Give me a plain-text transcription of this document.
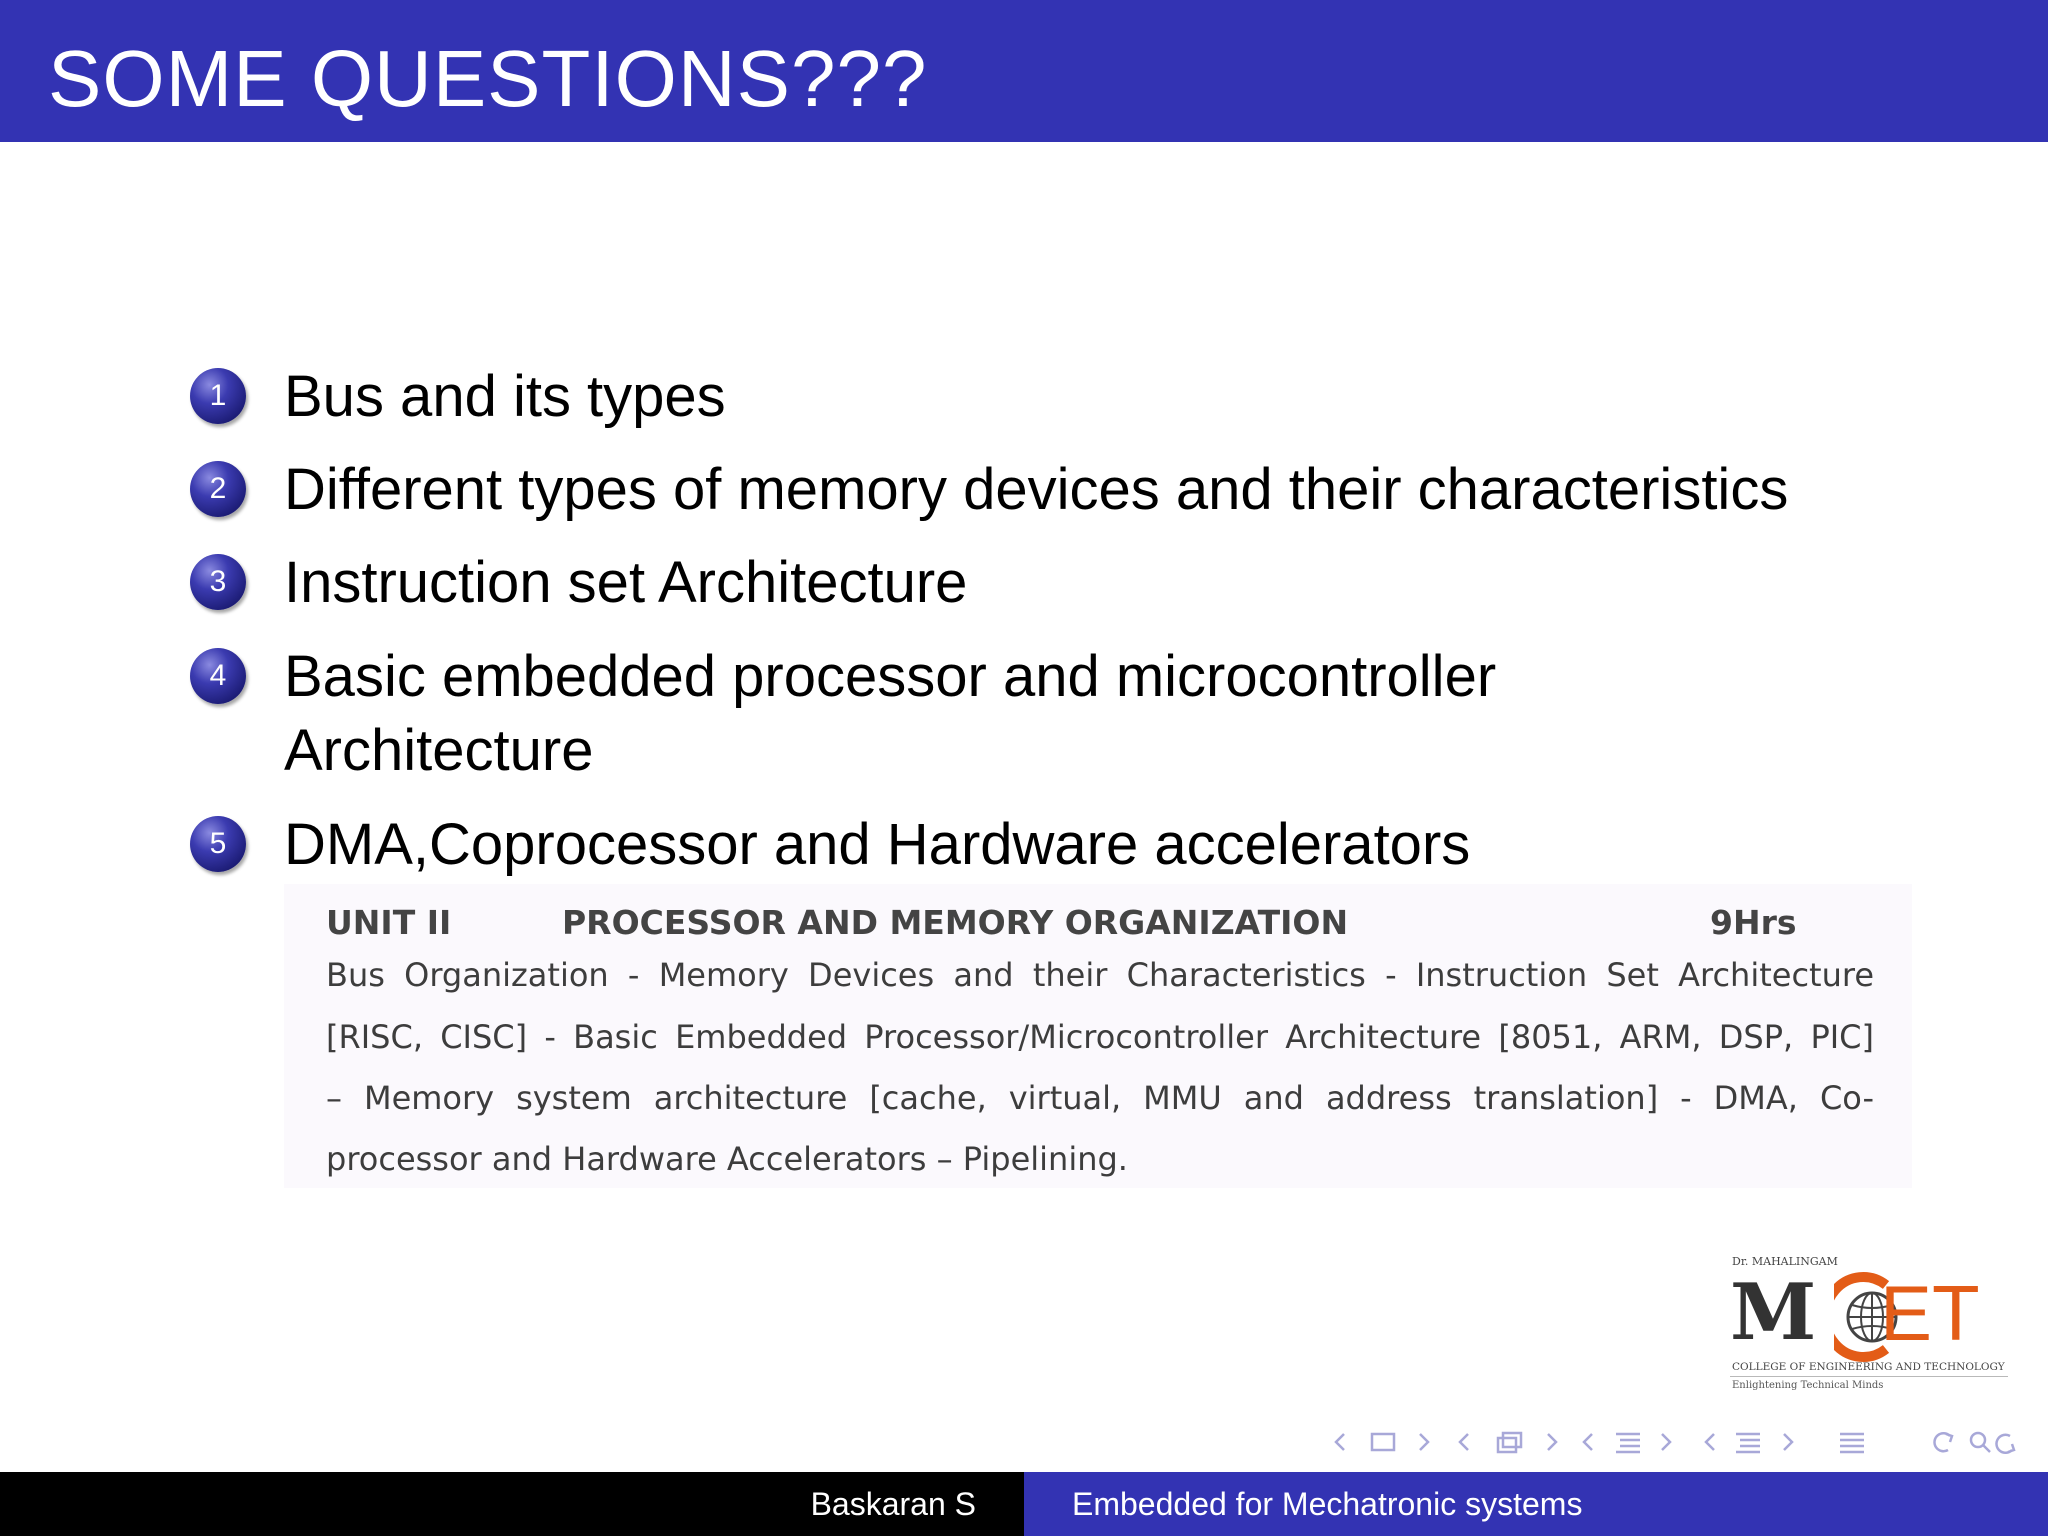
SOME QUESTIONS???
1 Bus and its types
2 Different types of memory devices and their characteristics
3 Instruction set Architecture
4 Basic embedded processor and microcontroller Architecture
5 DMA,Coprocessor and Hardware accelerators
UNIT II	PROCESSOR AND MEMORY ORGANIZATION	9Hrs
Bus Organization - Memory Devices and their Characteristics - Instruction Set Architecture
[RISC, CISC] - Basic Embedded Processor/Microcontroller Architecture [8051, ARM, DSP, PIC]
– Memory system architecture [cache, virtual, MMU and address translation] - DMA, Co-
processor and Hardware Accelerators – Pipelining.
Dr. MAHALINGAM
M ET
COLLEGE OF ENGINEERING AND TECHNOLOGY
Enlightening Technical Minds
Baskaran S	Embedded for Mechatronic systems
